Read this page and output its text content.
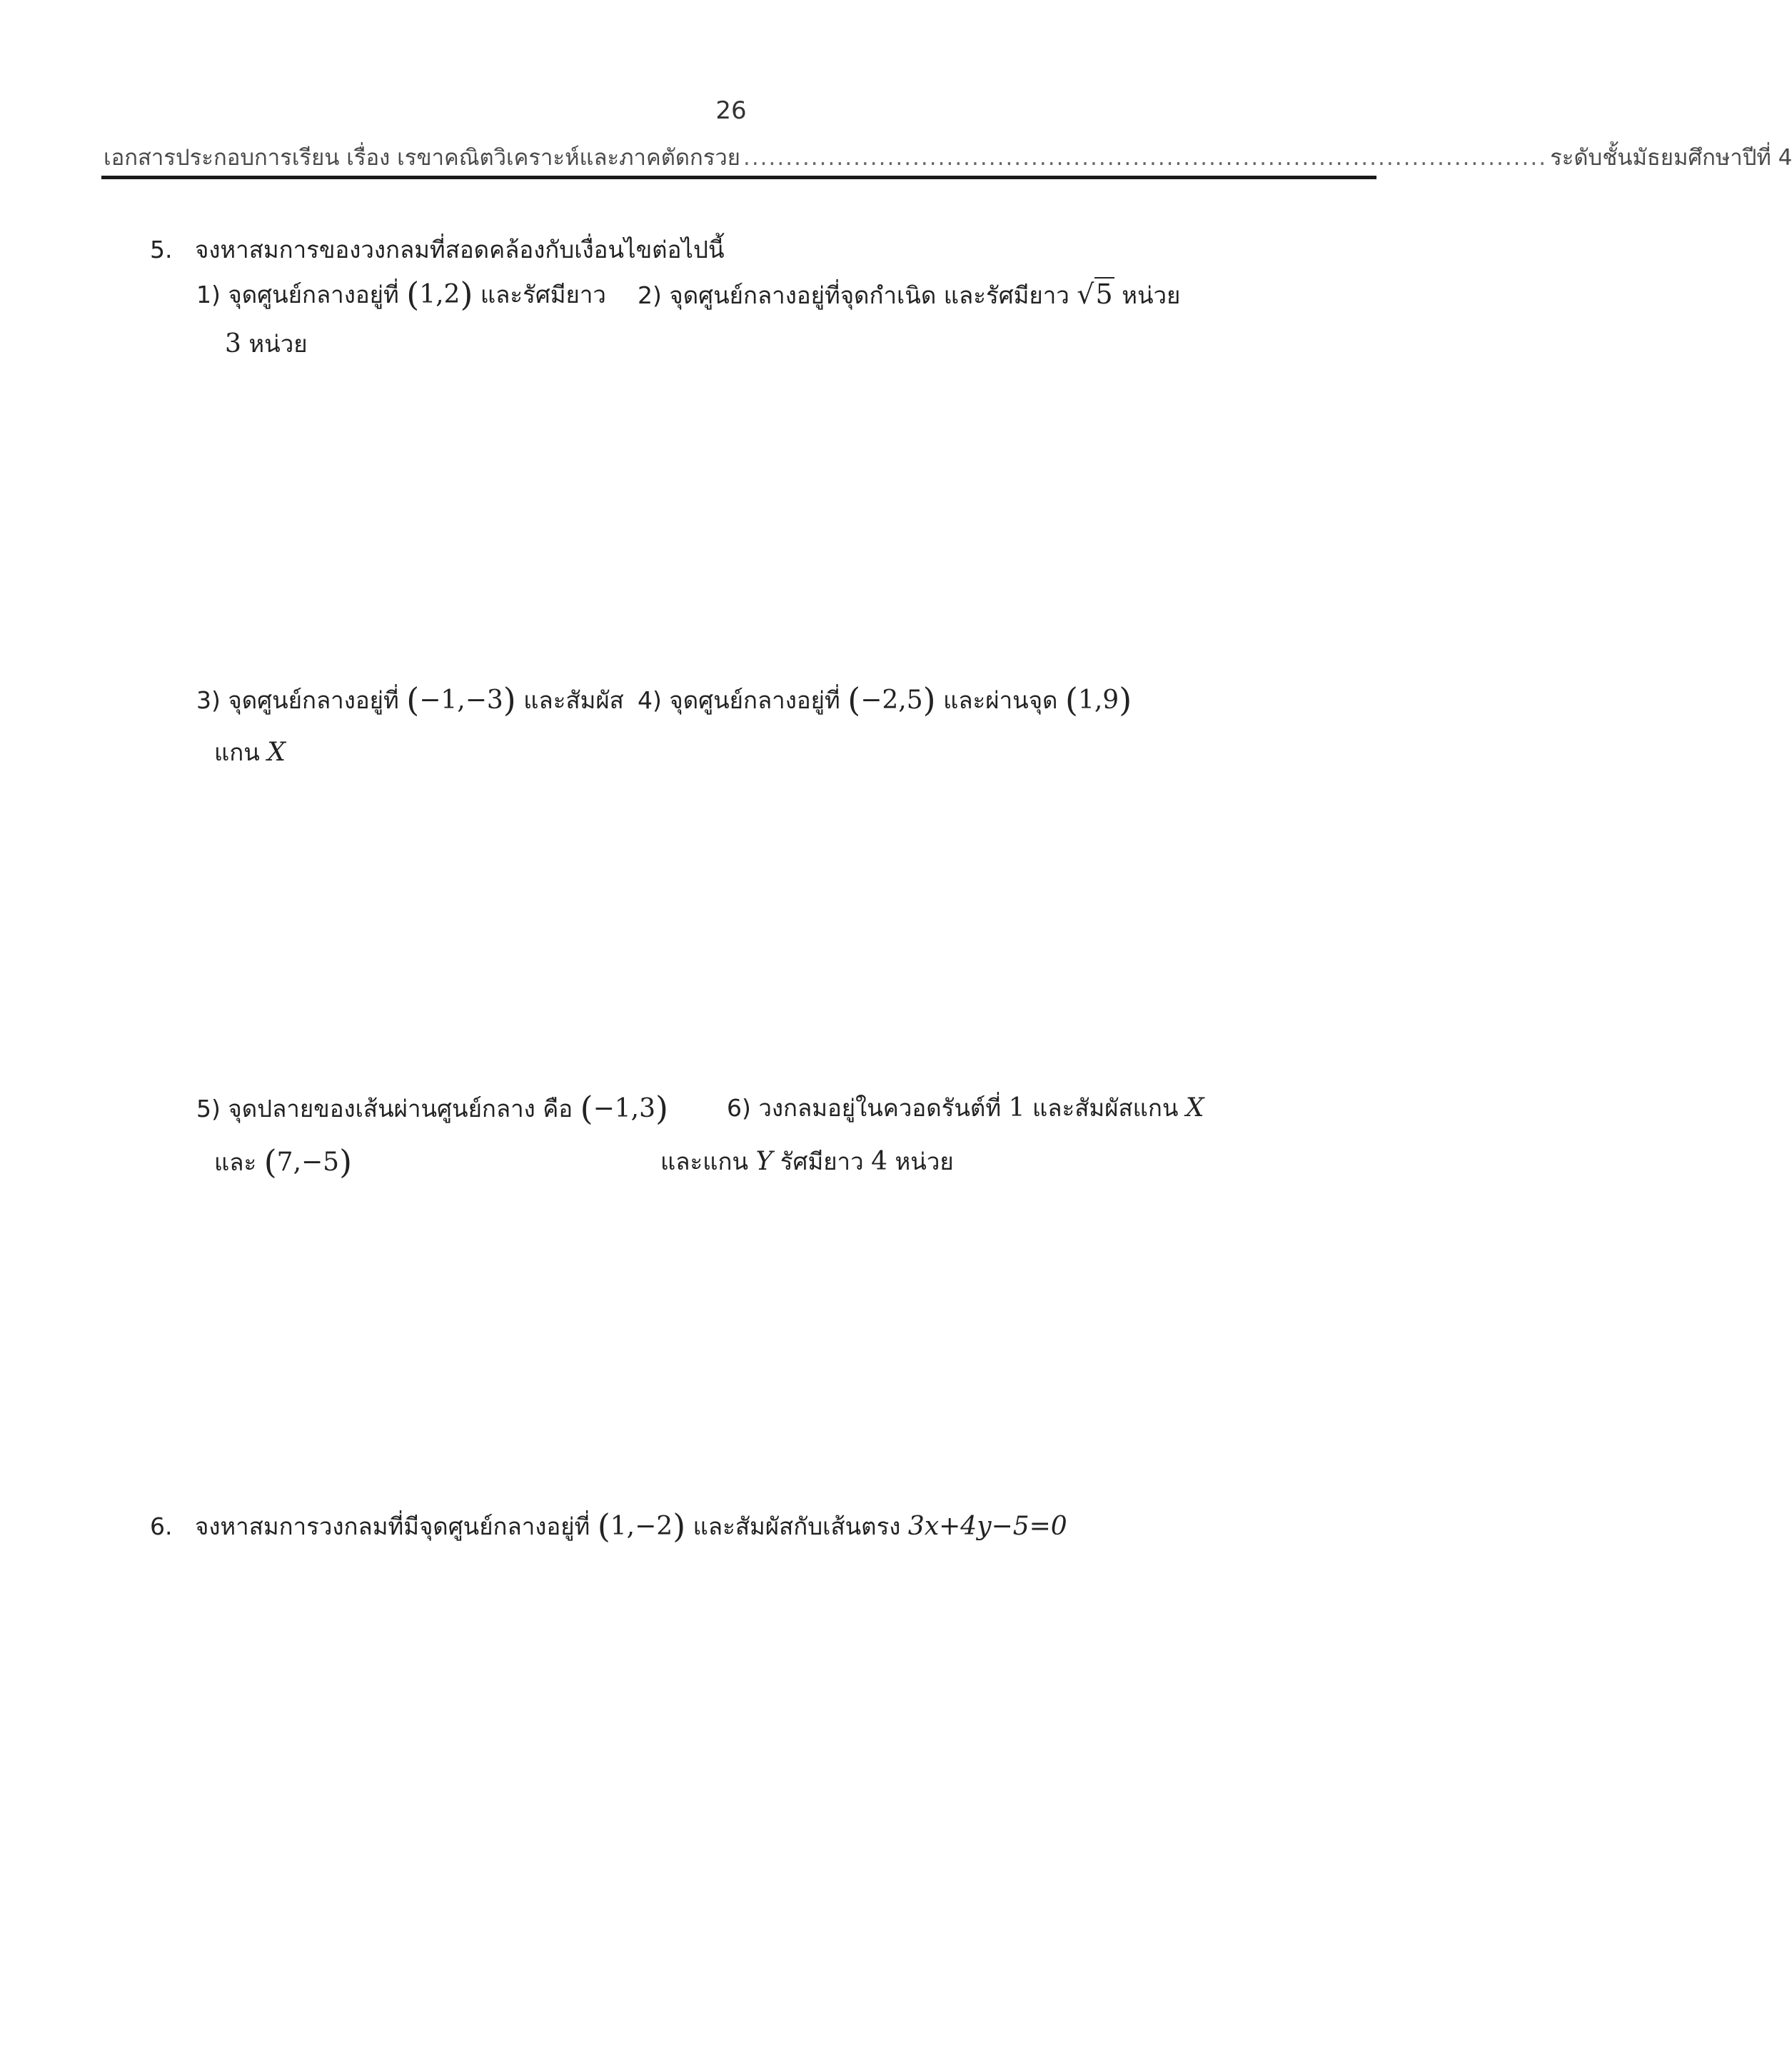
26
เอกสารประกอบการเรียน เรื่อง เรขาคณิตวิเคราะห์และภาคตัดกรวย ............................................................................................... ระดับชั้นมัธยมศึกษาปีที่ 4
5. จงหาสมการของวงกลมที่สอดคล้องกับเงื่อนไขต่อไปนี้
1) จุดศูนย์กลางอยู่ที่ (1,2) และรัศมียาว
3 หน่วย
2) จุดศูนย์กลางอยู่ที่จุดกำเนิด และรัศมียาว √5 หน่วย
3) จุดศูนย์กลางอยู่ที่ (−1,−3) และสัมผัส
แกน X
4) จุดศูนย์กลางอยู่ที่ (−2,5) และผ่านจุด (1,9)
5) จุดปลายของเส้นผ่านศูนย์กลาง คือ (−1,3)
และ (7,−5)
6) วงกลมอยู่ในควอดรันต์ที่ 1 และสัมผัสแกน X
และแกน Y รัศมียาว 4 หน่วย
6. จงหาสมการวงกลมที่มีจุดศูนย์กลางอยู่ที่ (1,−2) และสัมผัสกับเส้นตรง 3x+4y−5=0
